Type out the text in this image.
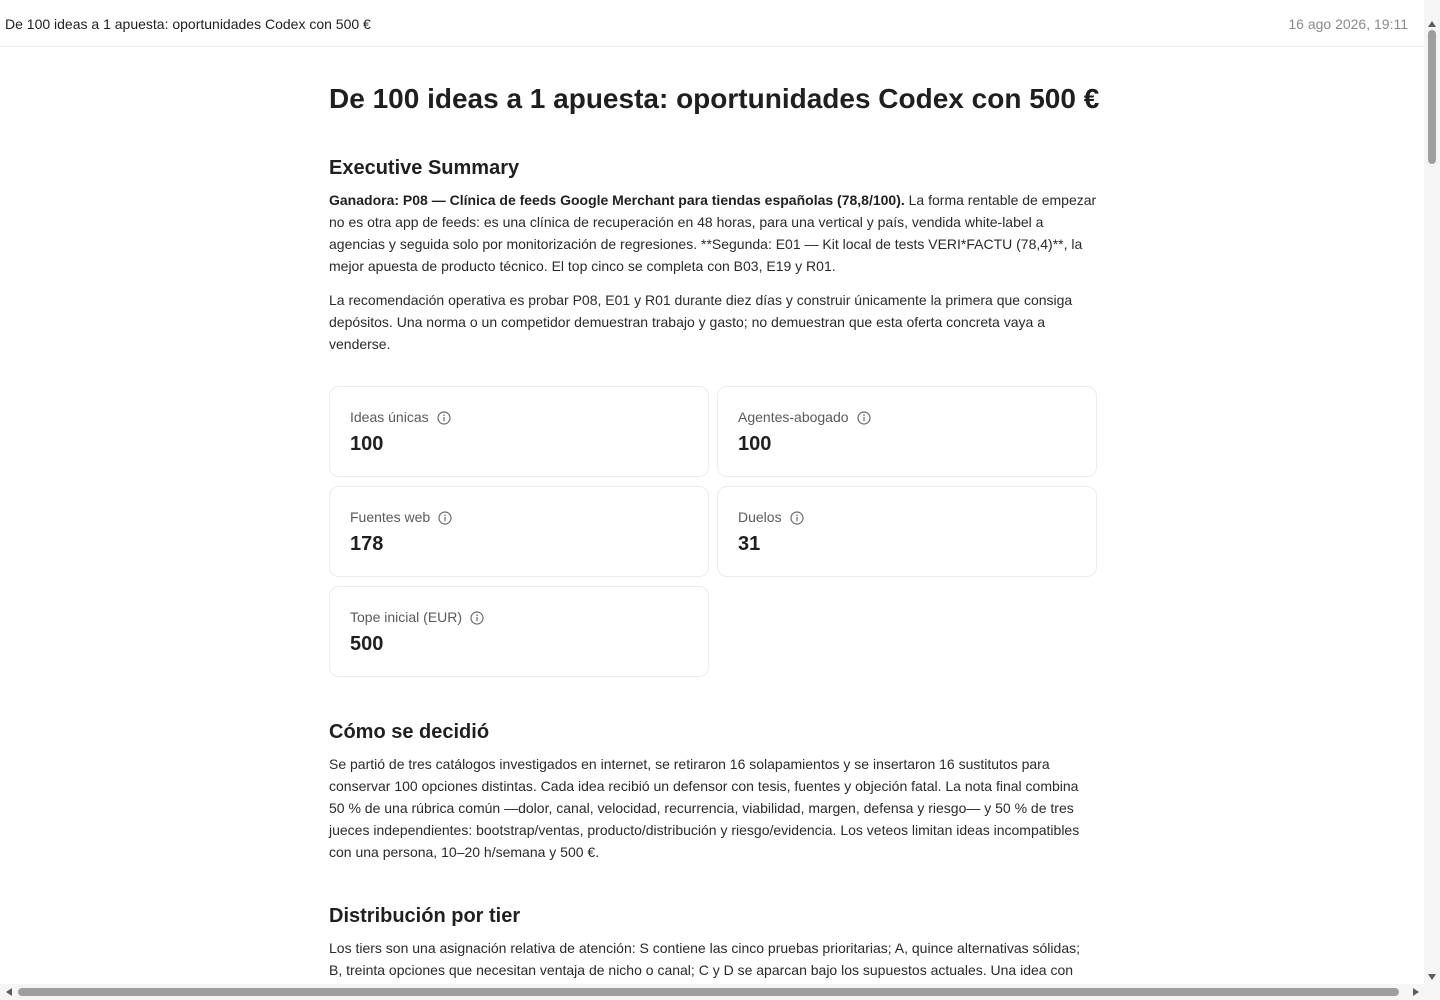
De 100 ideas a 1 apuesta: oportunidades Codex con 500 €	16 ago 2026, 19:11
De 100 ideas a 1 apuesta: oportunidades Codex con 500 €
Executive Summary

Ganadora: P08 — Clínica de feeds Google Merchant para tiendas españolas (78,8/100). La forma rentable de empezar no es otra app de feeds: es una clínica de recuperación en 48 horas, para una vertical y país, vendida white-label a agencias y seguida solo por monitorización de regresiones. **Segunda: E01 — Kit local de tests VERI*FACTU (78,4)**, la mejor apuesta de producto técnico. El top cinco se completa con B03, E19 y R01.

La recomendación operativa es probar P08, E01 y R01 durante diez días y construir únicamente la primera que consiga depósitos. Una norma o un competidor demuestran trabajo y gasto; no demuestran que esta oferta concreta vaya a venderse.

Ideas únicas
100
Agentes-abogado
100
Fuentes web
178
Duelos
31
Tope inicial (EUR)
500
Cómo se decidió

Se partió de tres catálogos investigados en internet, se retiraron 16 solapamientos y se insertaron 16 sustitutos para conservar 100 opciones distintas. Cada idea recibió un defensor con tesis, fuentes y objeción fatal. La nota final combina 50 % de una rúbrica común —dolor, canal, velocidad, recurrencia, viabilidad, margen, defensa y riesgo— y 50 % de tres jueces independientes: bootstrap/ventas, producto/distribución y riesgo/evidencia. Los veteos limitan ideas incompatibles con una persona, 10–20 h/semana y 500 €.

Distribución por tier

Los tiers son una asignación relativa de atención: S contiene las cinco pruebas prioritarias; A, quince alternativas sólidas; B, treinta opciones que necesitan ventaja de nicho o canal; C y D se aparcan bajo los supuestos actuales. Una idea con
